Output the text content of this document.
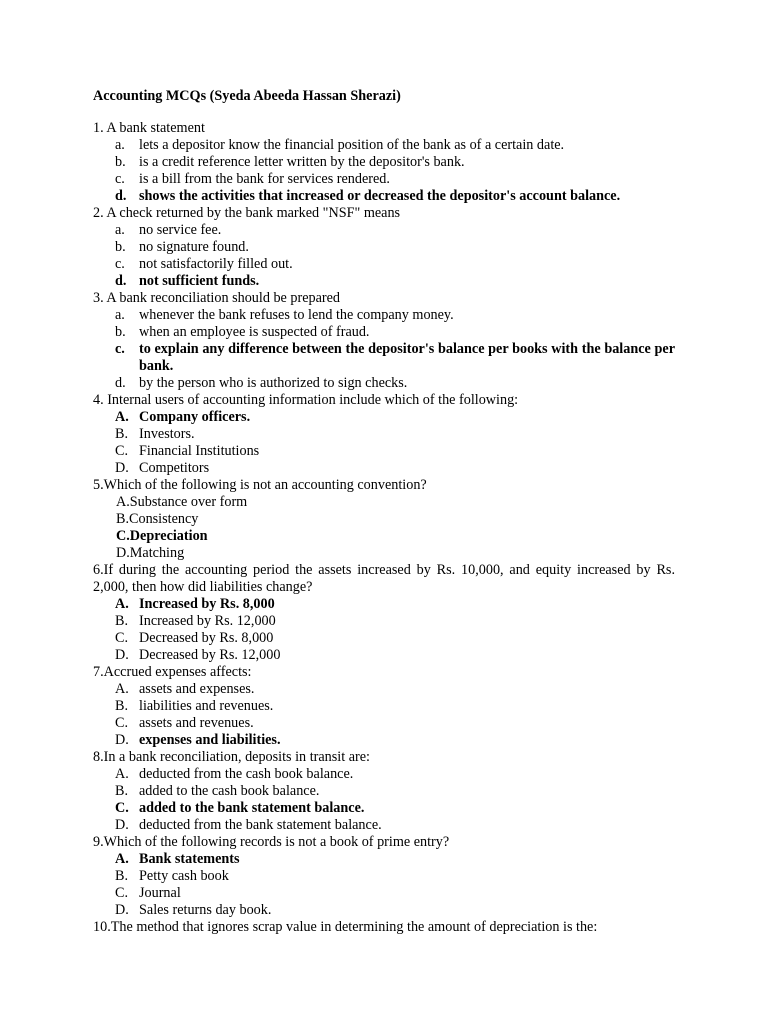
Accounting MCQs (Syeda Abeeda Hassan Sherazi)
1. A bank statement
a. lets a depositor know the financial position of the bank as of a certain date.
b. is a credit reference letter written by the depositor's bank.
c. is a bill from the bank for services rendered.
d. shows the activities that increased or decreased the depositor's account balance.
2. A check returned by the bank marked "NSF" means
a. no service fee.
b. no signature found.
c. not satisfactorily filled out.
d. not sufficient funds.
3. A bank reconciliation should be prepared
a. whenever the bank refuses to lend the company money.
b. when an employee is suspected of fraud.
c. to explain any difference between the depositor's balance per books with the balance per bank.
d. by the person who is authorized to sign checks.
4. Internal users of accounting information include which of the following:
A. Company officers.
B. Investors.
C. Financial Institutions
D. Competitors
5.Which of the following is not an accounting convention?
A.Substance over form
B.Consistency
C.Depreciation
D.Matching
6.If during the accounting period the assets increased by Rs. 10,000, and equity increased by Rs. 2,000, then how did liabilities change?
A. Increased by Rs. 8,000
B. Increased by Rs. 12,000
C. Decreased by Rs. 8,000
D. Decreased by Rs. 12,000
7.Accrued expenses affects:
A. assets and expenses.
B. liabilities and revenues.
C. assets and revenues.
D. expenses and liabilities.
8.In a bank reconciliation, deposits in transit are:
A. deducted from the cash book balance.
B. added to the cash book balance.
C. added to the bank statement balance.
D. deducted from the bank statement balance.
9.Which of the following records is not a book of prime entry?
A. Bank statements
B. Petty cash book
C. Journal
D. Sales returns day book.
10.The method that ignores scrap value in determining the amount of depreciation is the:
